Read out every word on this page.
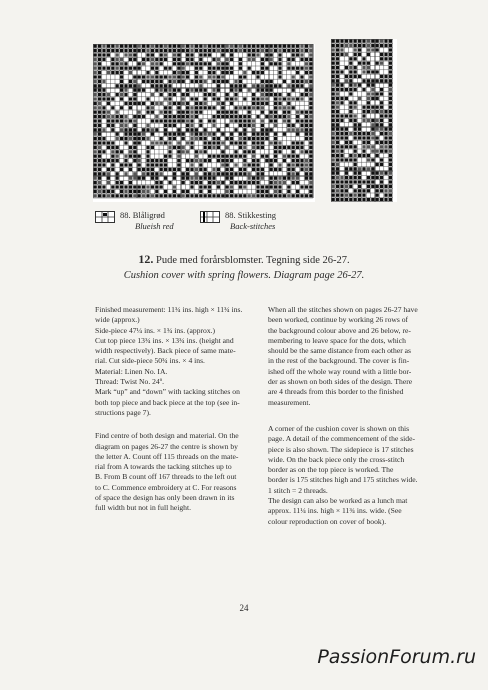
88. Blåligrød
Blueish red
88. Stikkesting
Back-stitches
12. Pude med forårsblomster. Tegning side 26-27.
Cushion cover with spring flowers. Diagram page 26-27.
Finished measurement: 11¾ ins. high × 11¾ ins.
wide (approx.)
Side-piece 47¼ ins. × 1¾ ins. (approx.)
Cut top piece 13¾ ins. × 13¾ ins. (height and
width respectively). Back piece of same mate-
rial. Cut side-piece 50¾ ins. × 4 ins.
Material: Linen No. IA.
Thread: Twist No. 24º.
Mark “up” and “down” with tacking stitches on
both top piece and back piece at the top (see in-
structions page 7).
Find centre of both design and material. On the
diagram on pages 26-27 the centre is shown by
the letter A. Count off 115 threads on the mate-
rial from A towards the tacking stitches up to
B. From B count off 167 threads to the left out
to C. Commence embroidery at C. For reasons
of space the design has only been drawn in its
full width but not in full height.
When all the stitches shown on pages 26-27 have
been worked, continue by working 26 rows of
the background colour above and 26 below, re-
membering to leave space for the dots, which
should be the same distance from each other as
in the rest of the background. The cover is fin-
ished off the whole way round with a little bor-
der as shown on both sides of the design. There
are 4 threads from this border to the finished
measurement.
A corner of the cushion cover is shown on this
page. A detail of the commencement of the side-
piece is also shown. The sidepiece is 17 stitches
wide. On the back piece only the cross-stitch
border as on the top piece is worked. The
border is 175 stitches high and 175 stitches wide.
1 stitch = 2 threads.
The design can also be worked as a lunch mat
approx. 11¼ ins. high × 11¾ ins. wide. (See
colour reproduction on cover of book).
24
PassionForum.ru
